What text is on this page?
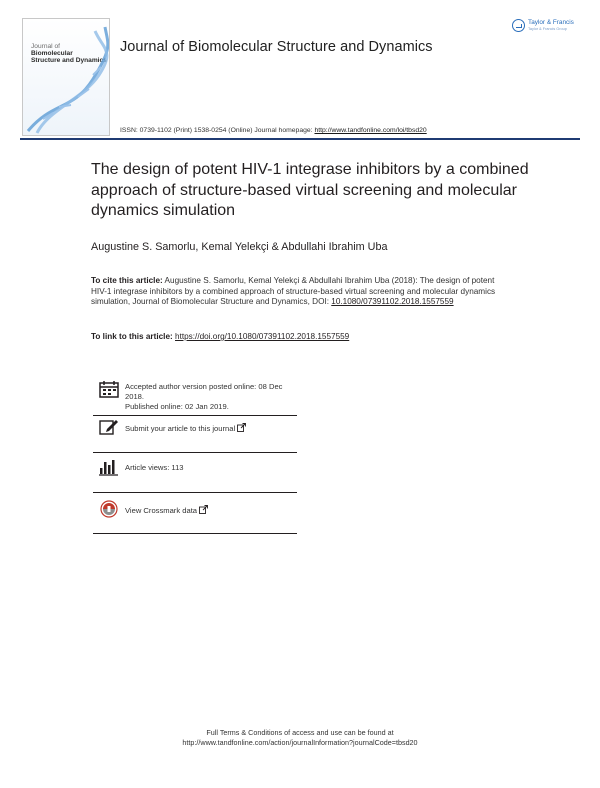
Journal of
Biomolecular
Structure and Dynamics
Journal of Biomolecular Structure and Dynamics
Taylor & Francis
Taylor & Francis Group
ISSN: 0739-1102 (Print) 1538-0254 (Online) Journal homepage: http://www.tandfonline.com/loi/tbsd20
The design of potent HIV-1 integrase inhibitors by a combined approach of structure-based virtual screening and molecular dynamics simulation
Augustine S. Samorlu, Kemal Yelekçi & Abdullahi Ibrahim Uba
To cite this article: Augustine S. Samorlu, Kemal Yelekçi & Abdullahi Ibrahim Uba (2018): The design of potent HIV-1 integrase inhibitors by a combined approach of structure-based virtual screening and molecular dynamics simulation, Journal of Biomolecular Structure and Dynamics, DOI: 10.1080/07391102.2018.1557559
To link to this article: https://doi.org/10.1080/07391102.2018.1557559
Accepted author version posted online: 08 Dec 2018.
Published online: 02 Jan 2019.
Submit your article to this journal
Article views: 113
View Crossmark data
Full Terms & Conditions of access and use can be found at
http://www.tandfonline.com/action/journalInformation?journalCode=tbsd20
